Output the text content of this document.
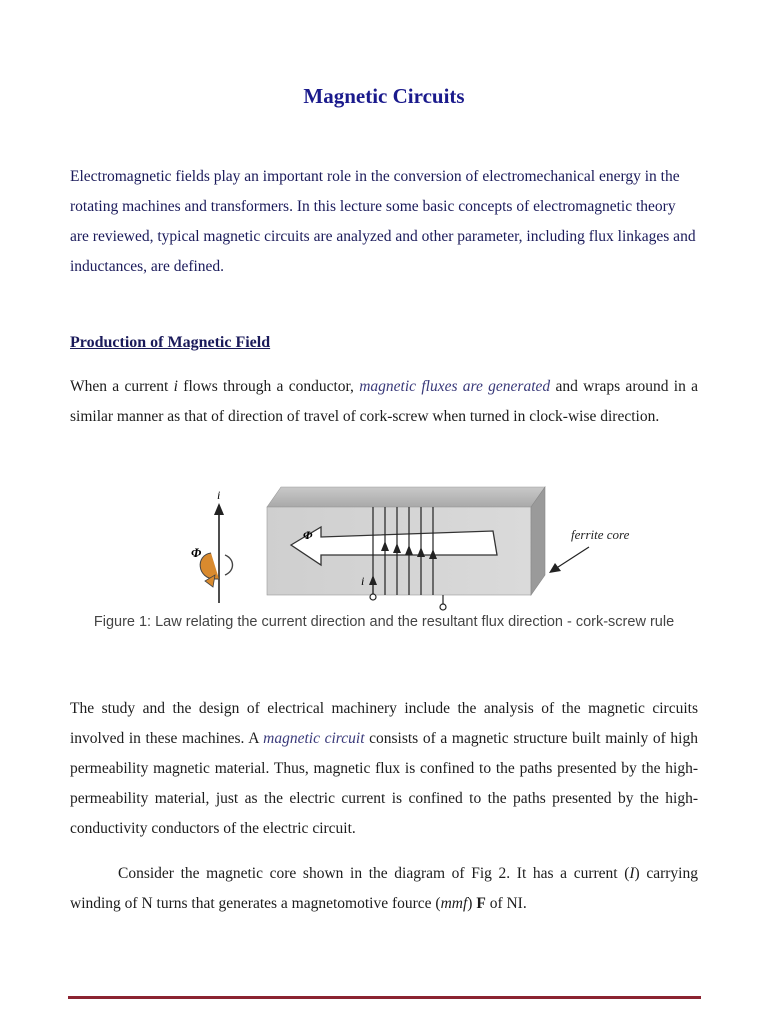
Magnetic Circuits

Electromagnetic fields play an important role in the conversion of electromechanical energy in the rotating machines and transformers. In this lecture some basic concepts of electromagnetic theory are reviewed, typical magnetic circuits are analyzed and other parameter, including flux linkages and inductances, are defined.

Production of Magnetic Field

When a current i flows through a conductor, magnetic fluxes are generated and wraps around in a similar manner as that of direction of travel of cork-screw when turned in clock-wise direction.

i
Φ
Φ
i
ferrite core
Figure 1: Law relating the current direction and the resultant flux direction - cork-screw rule

The study and the design of electrical machinery include the analysis of the magnetic circuits involved in these machines. A magnetic circuit consists of a magnetic structure built mainly of high permeability magnetic material. Thus, magnetic flux is confined to the paths presented by the high-permeability material, just as the electric current is confined to the paths presented by the high-conductivity conductors of the electric circuit.

Consider the magnetic core shown in the diagram of Fig 2. It has a current (I) carrying winding of N turns that generates a magnetomotive fource (mmf) F of NI.
